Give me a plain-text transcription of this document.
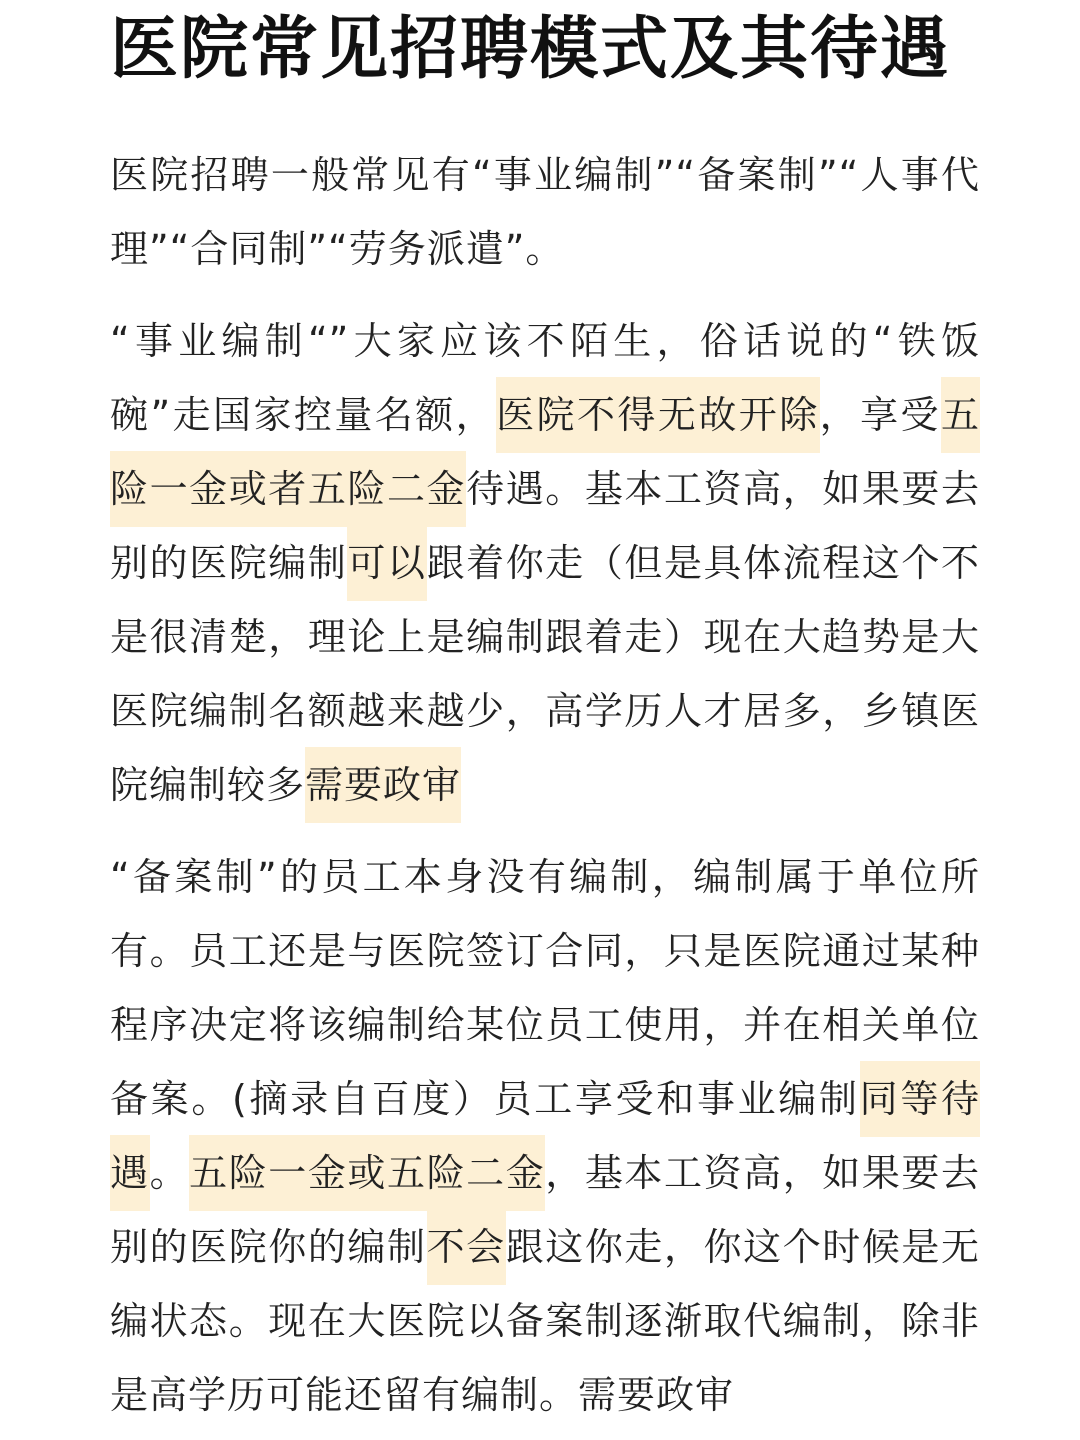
医院常见招聘模式及其待遇

医院招聘一般常见有“事业编制”“备案制”“人事代理”“合同制”“劳务派遣”。

“事业编制“”大家应该不陌生，俗话说的“铁饭碗”走国家控量名额，医院不得无故开除，享受五险一金或者五险二金待遇。基本工资高，如果要去别的医院编制可以跟着你走（但是具体流程这个不是很清楚，理论上是编制跟着走）现在大趋势是大医院编制名额越来越少，高学历人才居多，乡镇医院编制较多需要政审

“备案制”的员工本身没有编制，编制属于单位所有。员工还是与医院签订合同，只是医院通过某种程序决定将该编制给某位员工使用，并在相关单位备案。(摘录自百度）员工享受和事业编制同等待遇。五险一金或五险二金，基本工资高，如果要去别的医院你的编制不会跟这你走，你这个时候是无编状态。现在大医院以备案制逐渐取代编制，除非是高学历可能还留有编制。需要政审
